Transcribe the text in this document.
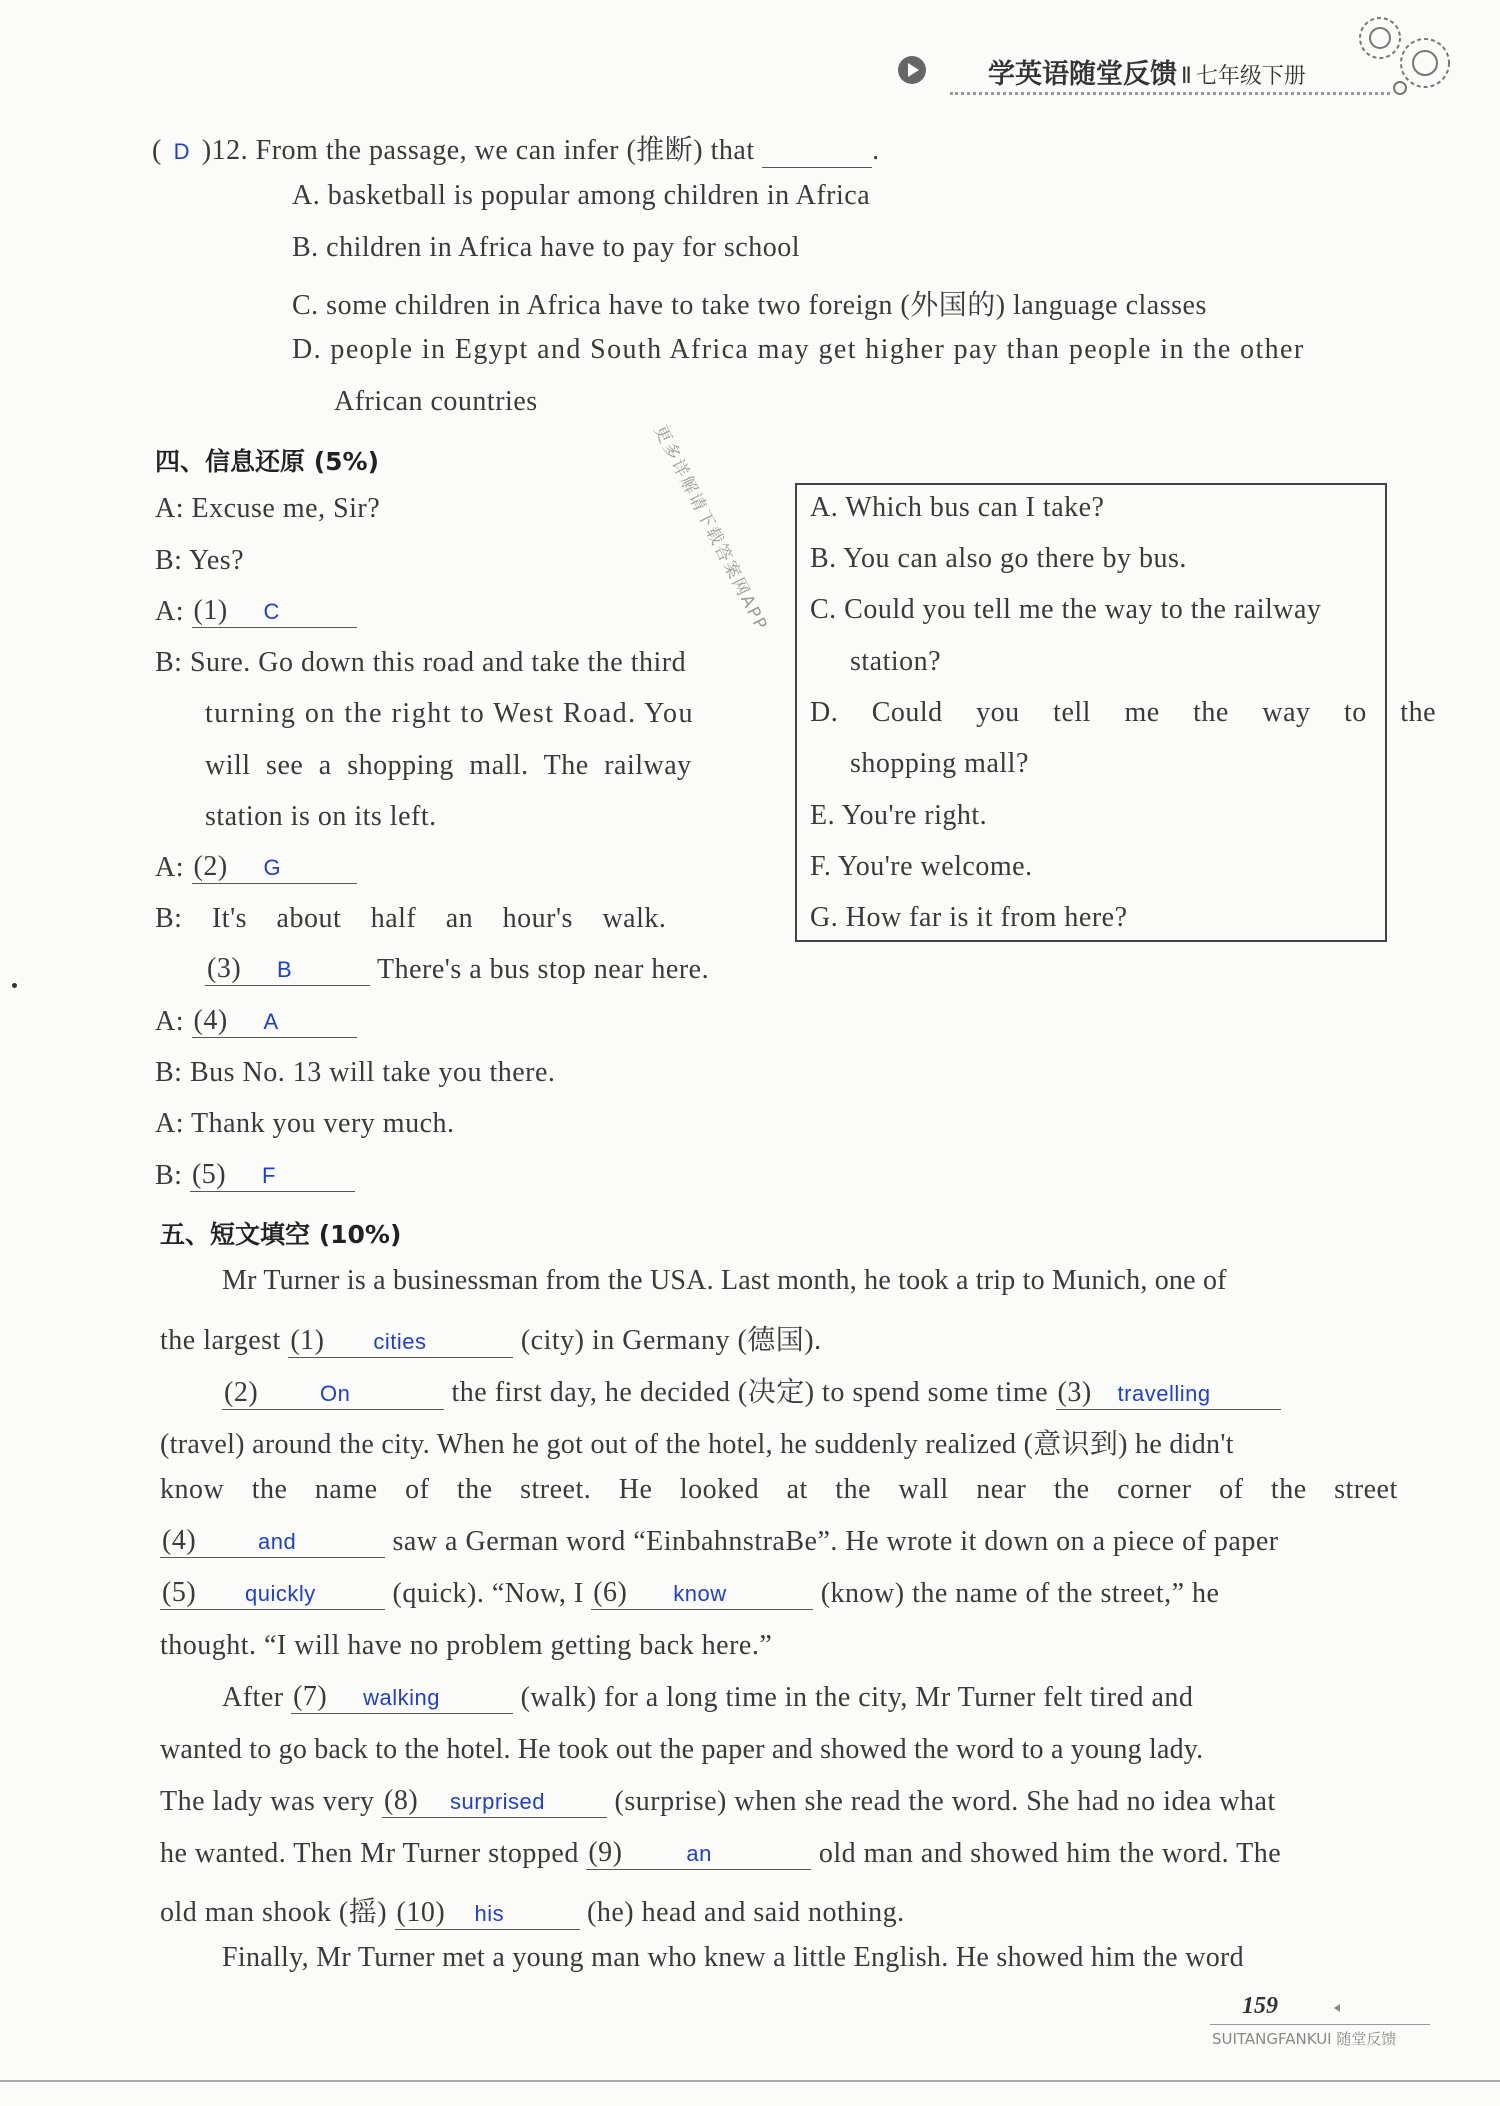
学英语随堂反馈 Ⅱ 七年级下册
( D )12. From the passage, we can infer (推断) that	.
A. basketball is popular among children in Africa
B. children in Africa have to pay for school
C. some children in Africa have to take two foreign (外国的) language classes
D. people in Egypt and South Africa may get higher pay than people in the other
African countries
四、信息还原 (5%)	更多详解请下载答案网APP
A: Excuse me, Sir?
B: Yes?
A: (1) C
B: Sure. Go down this road and take the third
turning on the right to West Road. You
will see a shopping mall. The railway
station is on its left.
A: (2) G
B: It's about half an hour's walk.
(3) B	There's a bus stop near here.
A: (4) A
B: Bus No. 13 will take you there.
A: Thank you very much.
B: (5) F
A. Which bus can I take?
B. You can also go there by bus.
C. Could you tell me the way to the railway
station?
D. Could you tell me the way to the
shopping mall?
E. You're right.
F. You're welcome.
G. How far is it from here?
五、短文填空 (10%)
Mr Turner is a businessman from the USA. Last month, he took a trip to Munich, one of
the largest (1) cities	(city) in Germany (德国).
(2)	On	the first day, he decided (决定) to spend some time (3) travelling
(travel) around the city. When he got out of the hotel, he suddenly realized (意识到) he didn't
know the name of the street. He looked at the wall near the corner of the street
(4)	and	saw a German word “EinbahnstraBe”. He wrote it down on a piece of paper
(5) quickly	(quick). “Now, I (6) know	(know) the name of the street,” he
thought. “I will have no problem getting back here.”
After (7) walking	(walk) for a long time in the city, Mr Turner felt tired and
wanted to go back to the hotel. He took out the paper and showed the word to a young lady.
The lady was very (8) surprised (surprise) when she read the word. She had no idea what
he wanted. Then Mr Turner stopped (9)	an	old man and showed him the word. The
old man shook (摇) (10) his	(he) head and said nothing.
Finally, Mr Turner met a young man who knew a little English. He showed him the word
159
SUITANGFANKUI 随堂反馈
